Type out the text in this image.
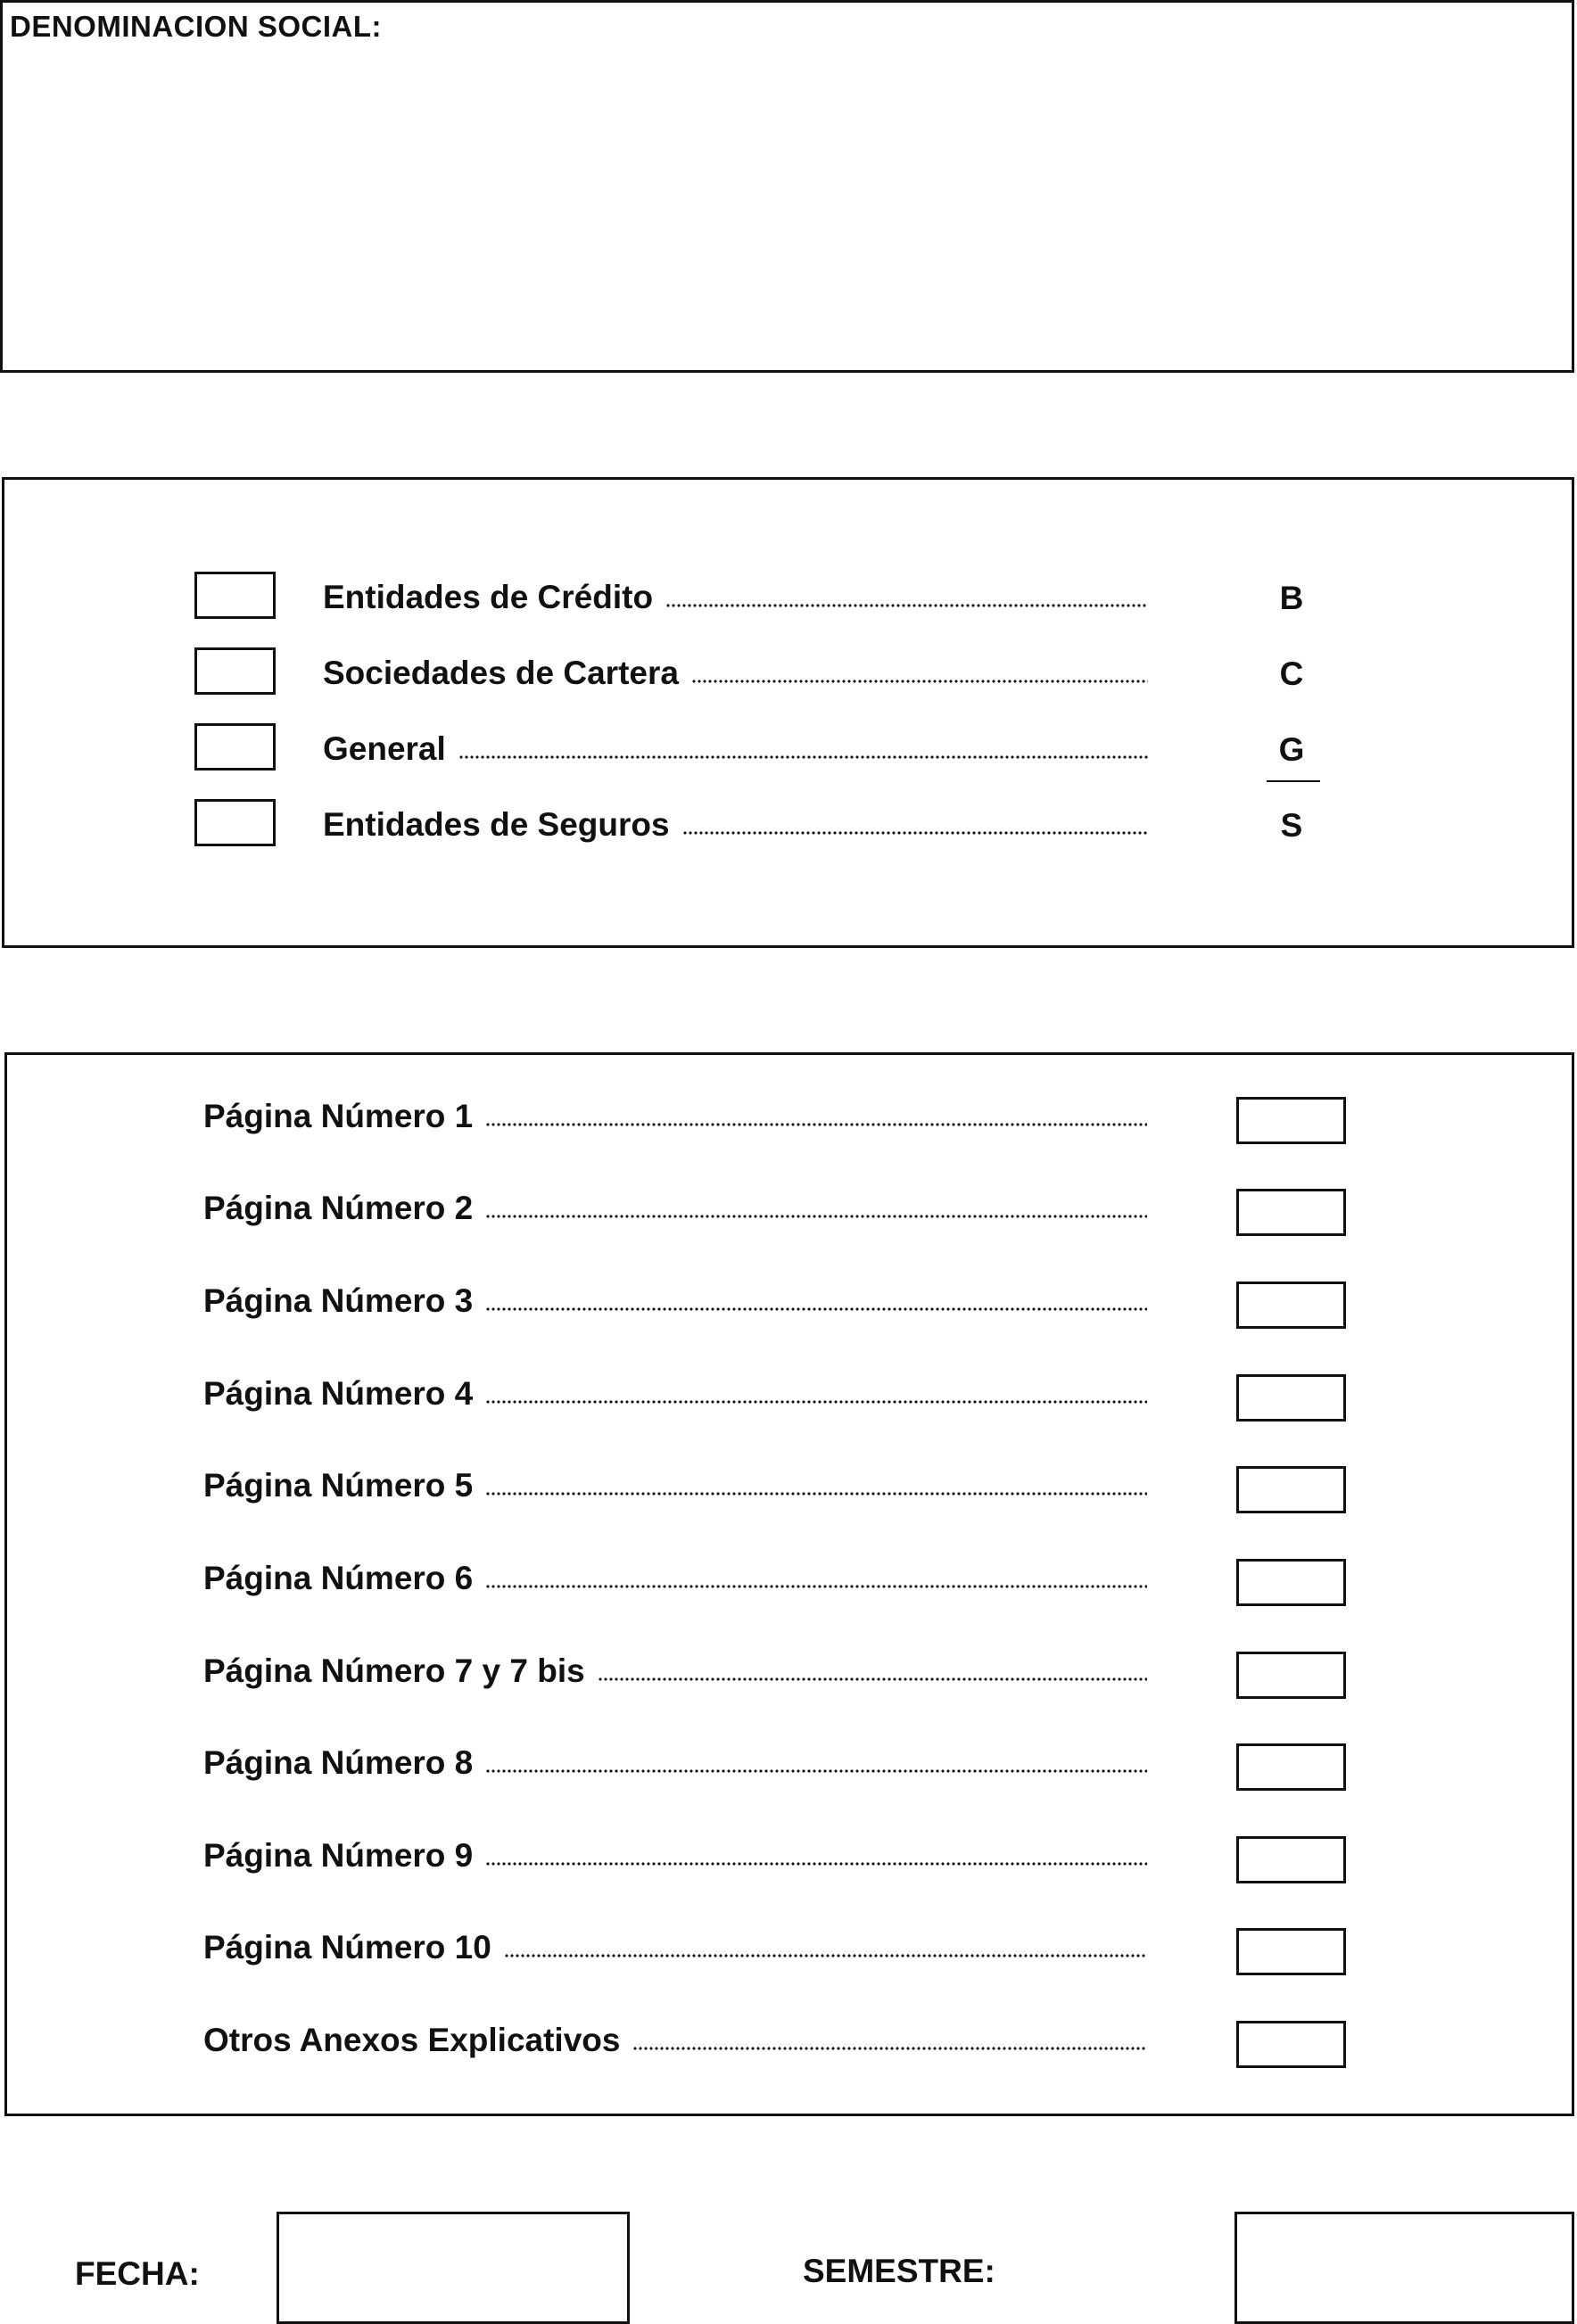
DENOMINACION SOCIAL:
Entidades de Crédito	B
Sociedades de Cartera	C
General	G
Entidades de Seguros	S
Página Número 1
Página Número 2
Página Número 3
Página Número 4
Página Número 5
Página Número 6
Página Número 7 y 7 bis
Página Número 8
Página Número 9
Página Número 10
Otros Anexos Explicativos
FECHA:	SEMESTRE:
